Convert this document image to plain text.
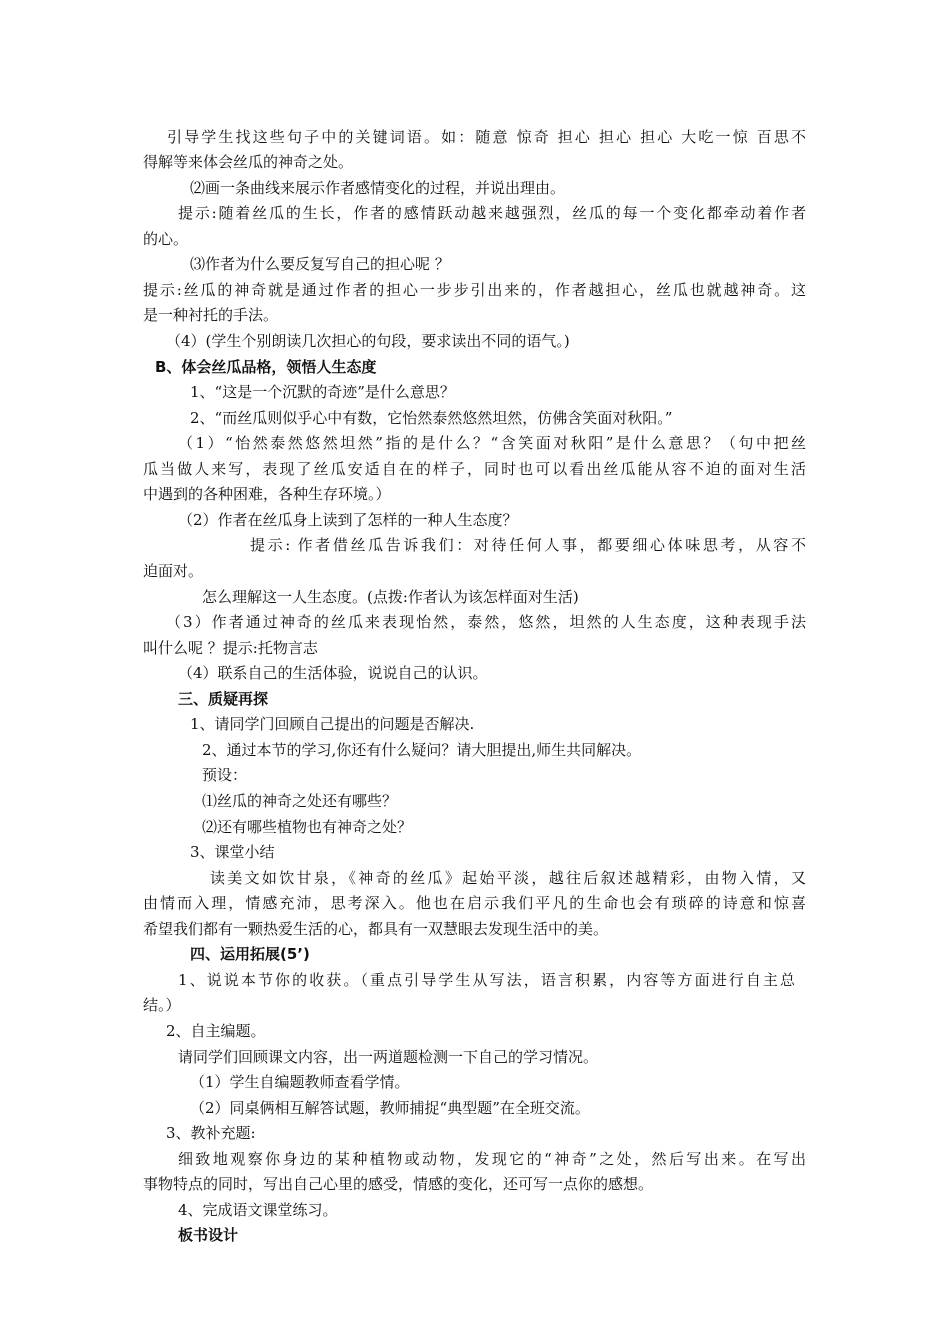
引导学生找这些句子中的关键词语。如：随意 惊奇 担心 担心 担心 大吃一惊 百思不
得解等来体会丝瓜的神奇之处。
⑵画一条曲线来展示作者感情变化的过程，并说出理由。
提示:随着丝瓜的生长，作者的感情跃动越来越强烈，丝瓜的每一个变化都牵动着作者
的心。
⑶作者为什么要反复写自己的担心呢 ？
提示:丝瓜的神奇就是通过作者的担心一步步引出来的，作者越担心，丝瓜也就越神奇。这
是一种衬托的手法。
（4）(学生个别朗读几次担心的句段，要求读出不同的语气。)
B、体会丝瓜品格，领悟人生态度
1、“这是一个沉默的奇迹”是什么意思？
2、“而丝瓜则似乎心中有数，它怡然泰然悠然坦然，仿佛含笑面对秋阳。”
（1）“怡然泰然悠然坦然”指的是什么？“含笑面对秋阳”是什么意思？（句中把丝
瓜当做人来写，表现了丝瓜安适自在的样子，同时也可以看出丝瓜能从容不迫的面对生活
中遇到的各种困难，各种生存环境。）
（2）作者在丝瓜身上读到了怎样的一种人生态度？
提示: 作者借丝瓜告诉我们：对待任何人事，都要细心体味思考，从容不
迫面对。
怎么理解这一人生态度。(点拨:作者认为该怎样面对生活)
（3）作者通过神奇的丝瓜来表现怡然，泰然，悠然，坦然的人生态度，这种表现手法
叫什么呢 ？提示:托物言志
（4）联系自己的生活体验，说说自己的认识。
三、质疑再探
1、请同学门回顾自己提出的问题是否解决.
2、通过本节的学习,你还有什么疑问？请大胆提出,师生共同解决。
预设：
⑴丝瓜的神奇之处还有哪些？
⑵还有哪些植物也有神奇之处？
3、课堂小结
读美文如饮甘泉，《神奇的丝瓜》起始平淡，越往后叙述越精彩，由物入情，又
由情而入理，情感充沛，思考深入。他也在启示我们平凡的生命也会有琐碎的诗意和惊喜
希望我们都有一颗热爱生活的心，都具有一双慧眼去发现生活中的美。
四、运用拓展(5’)
1、说说本节你的收获。（重点引导学生从写法，语言积累，内容等方面进行自主总
结。）
2、自主编题。
请同学们回顾课文内容，出一两道题检测一下自己的学习情况。
（1）学生自编题教师查看学情。
（2）同桌俩相互解答试题，教师捕捉“典型题”在全班交流。
3、教补充题:
细致地观察你身边的某种植物或动物，发现它的“神奇”之处，然后写出来。在写出
事物特点的同时，写出自己心里的感受，情感的变化，还可写一点你的感想。
4、完成语文课堂练习。
板书设计
